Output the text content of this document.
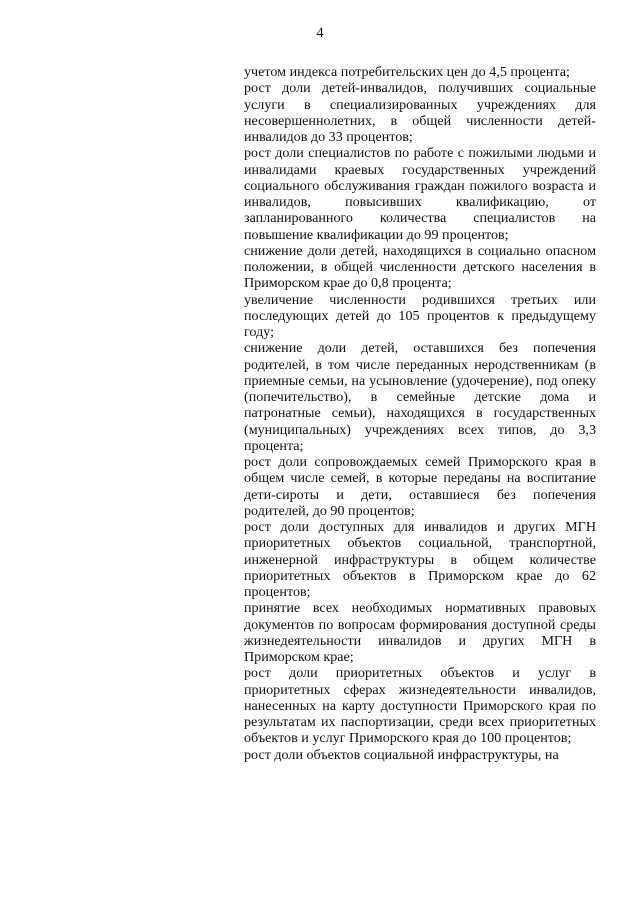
4

учетом индекса потребительских цен до 4,5 процента;

рост доли детей-инвалидов, получивших социальные услуги в специализированных учреждениях для несовершеннолетних, в общей численности детей-инвалидов до 33 процентов;

рост доли специалистов по работе с пожилыми людьми и инвалидами краевых государственных учреждений социального обслуживания граждан пожилого возраста и инвалидов, повысивших квалификацию, от запланированного количества специалистов на повышение квалификации до 99 процентов;

снижение доли детей, находящихся в социально опасном положении, в общей численности детского населения в Приморском крае до 0,8 процента;

увеличение численности родившихся третьих или последующих детей до 105 процентов к предыдущему году;

снижение доли детей, оставшихся без попечения родителей, в том числе переданных неродственникам (в приемные семьи, на усыновление (удочерение), под опеку (попечительство), в семейные детские дома и патронатные семьи), находящихся в государственных (муниципальных) учреждениях всех типов, до 3,3 процента;

рост доли сопровождаемых семей Приморского края в общем числе семей, в которые переданы на воспитание дети-сироты и дети, оставшиеся без попечения родителей, до 90 процентов;

рост доли доступных для инвалидов и других МГН приоритетных объектов социальной, транспортной, инженерной инфраструктуры в общем количестве приоритетных объектов в Приморском крае до 62 процентов;

принятие всех необходимых нормативных правовых документов по вопросам формирования доступной среды жизнедеятельности инвалидов и других МГН в Приморском крае;

рост доли приоритетных объектов и услуг в приоритетных сферах жизнедеятельности инвалидов, нанесенных на карту доступности Приморского края по результатам их паспортизации, среди всех приоритетных объектов и услуг Приморского края до 100 процентов;

рост доли объектов социальной инфраструктуры, на
